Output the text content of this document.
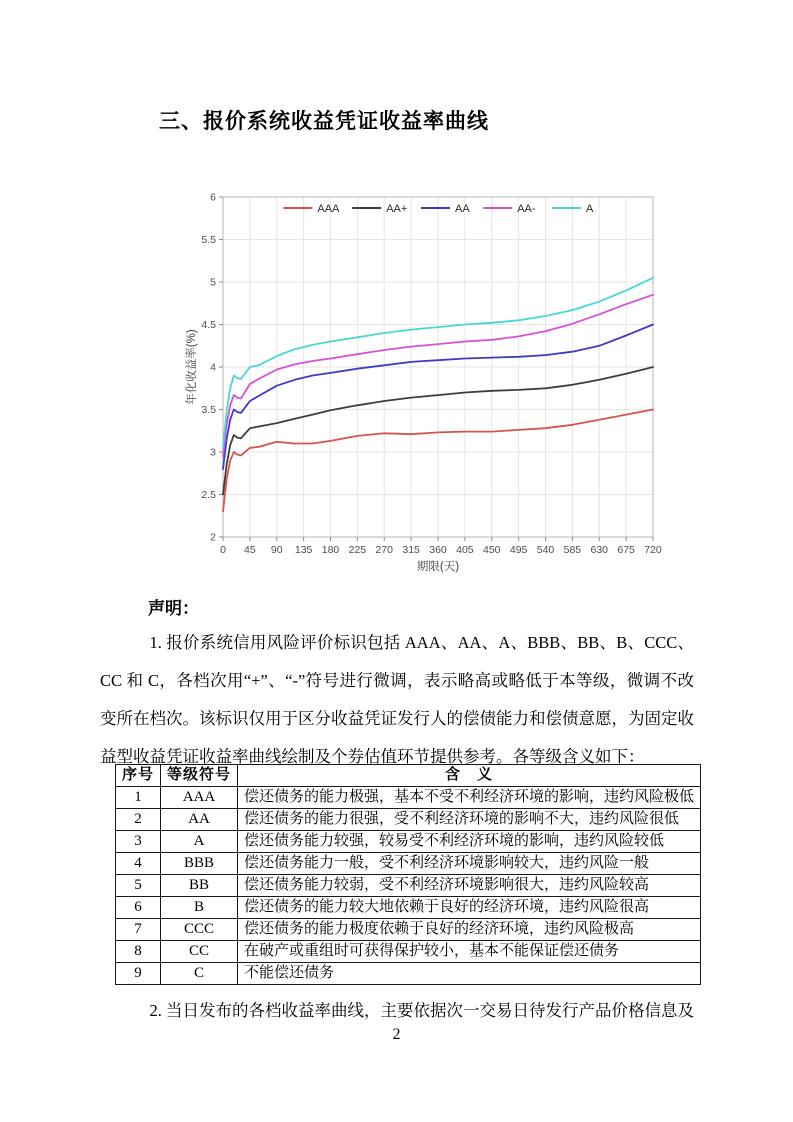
三、报价系统收益凭证收益率曲线
0 45 90 135 180 225 270 315 360 405 450 495 540 585 630 675 720
2
2.5
3
3.5
4
4.5
5
5.5
6
期限(天)
年化收益率(%)
AAA	AA+	AA	AA-	A
声明：
1. 报价系统信用风险评价标识包括 AAA、AA、A、BBB、BB、B、CCC、CC 和 C，各档次用“+”、“-”符号进行微调，表示略高或略低于本等级，微调不改变所在档次。该标识仅用于区分收益凭证发行人的偿债能力和偿债意愿，为固定收益型收益凭证收益率曲线绘制及个券估值环节提供参考。各等级含义如下：
序号	等级符号	含　义
1	AAA	偿还债务的能力极强，基本不受不利经济环境的影响，违约风险极低
2	AA	偿还债务的能力很强，受不利经济环境的影响不大，违约风险很低
3	A	偿还债务能力较强，较易受不利经济环境的影响，违约风险较低
4	BBB	偿还债务能力一般，受不利经济环境影响较大，违约风险一般
5	BB	偿还债务能力较弱，受不利经济环境影响很大，违约风险较高
6	B	偿还债务的能力较大地依赖于良好的经济环境，违约风险很高
7	CCC	偿还债务的能力极度依赖于良好的经济环境，违约风险极高
8	CC	在破产或重组时可获得保护较小，基本不能保证偿还债务
9	C	不能偿还债务
2. 当日发布的各档收益率曲线，主要依据次一交易日待发行产品价格信息及
2
